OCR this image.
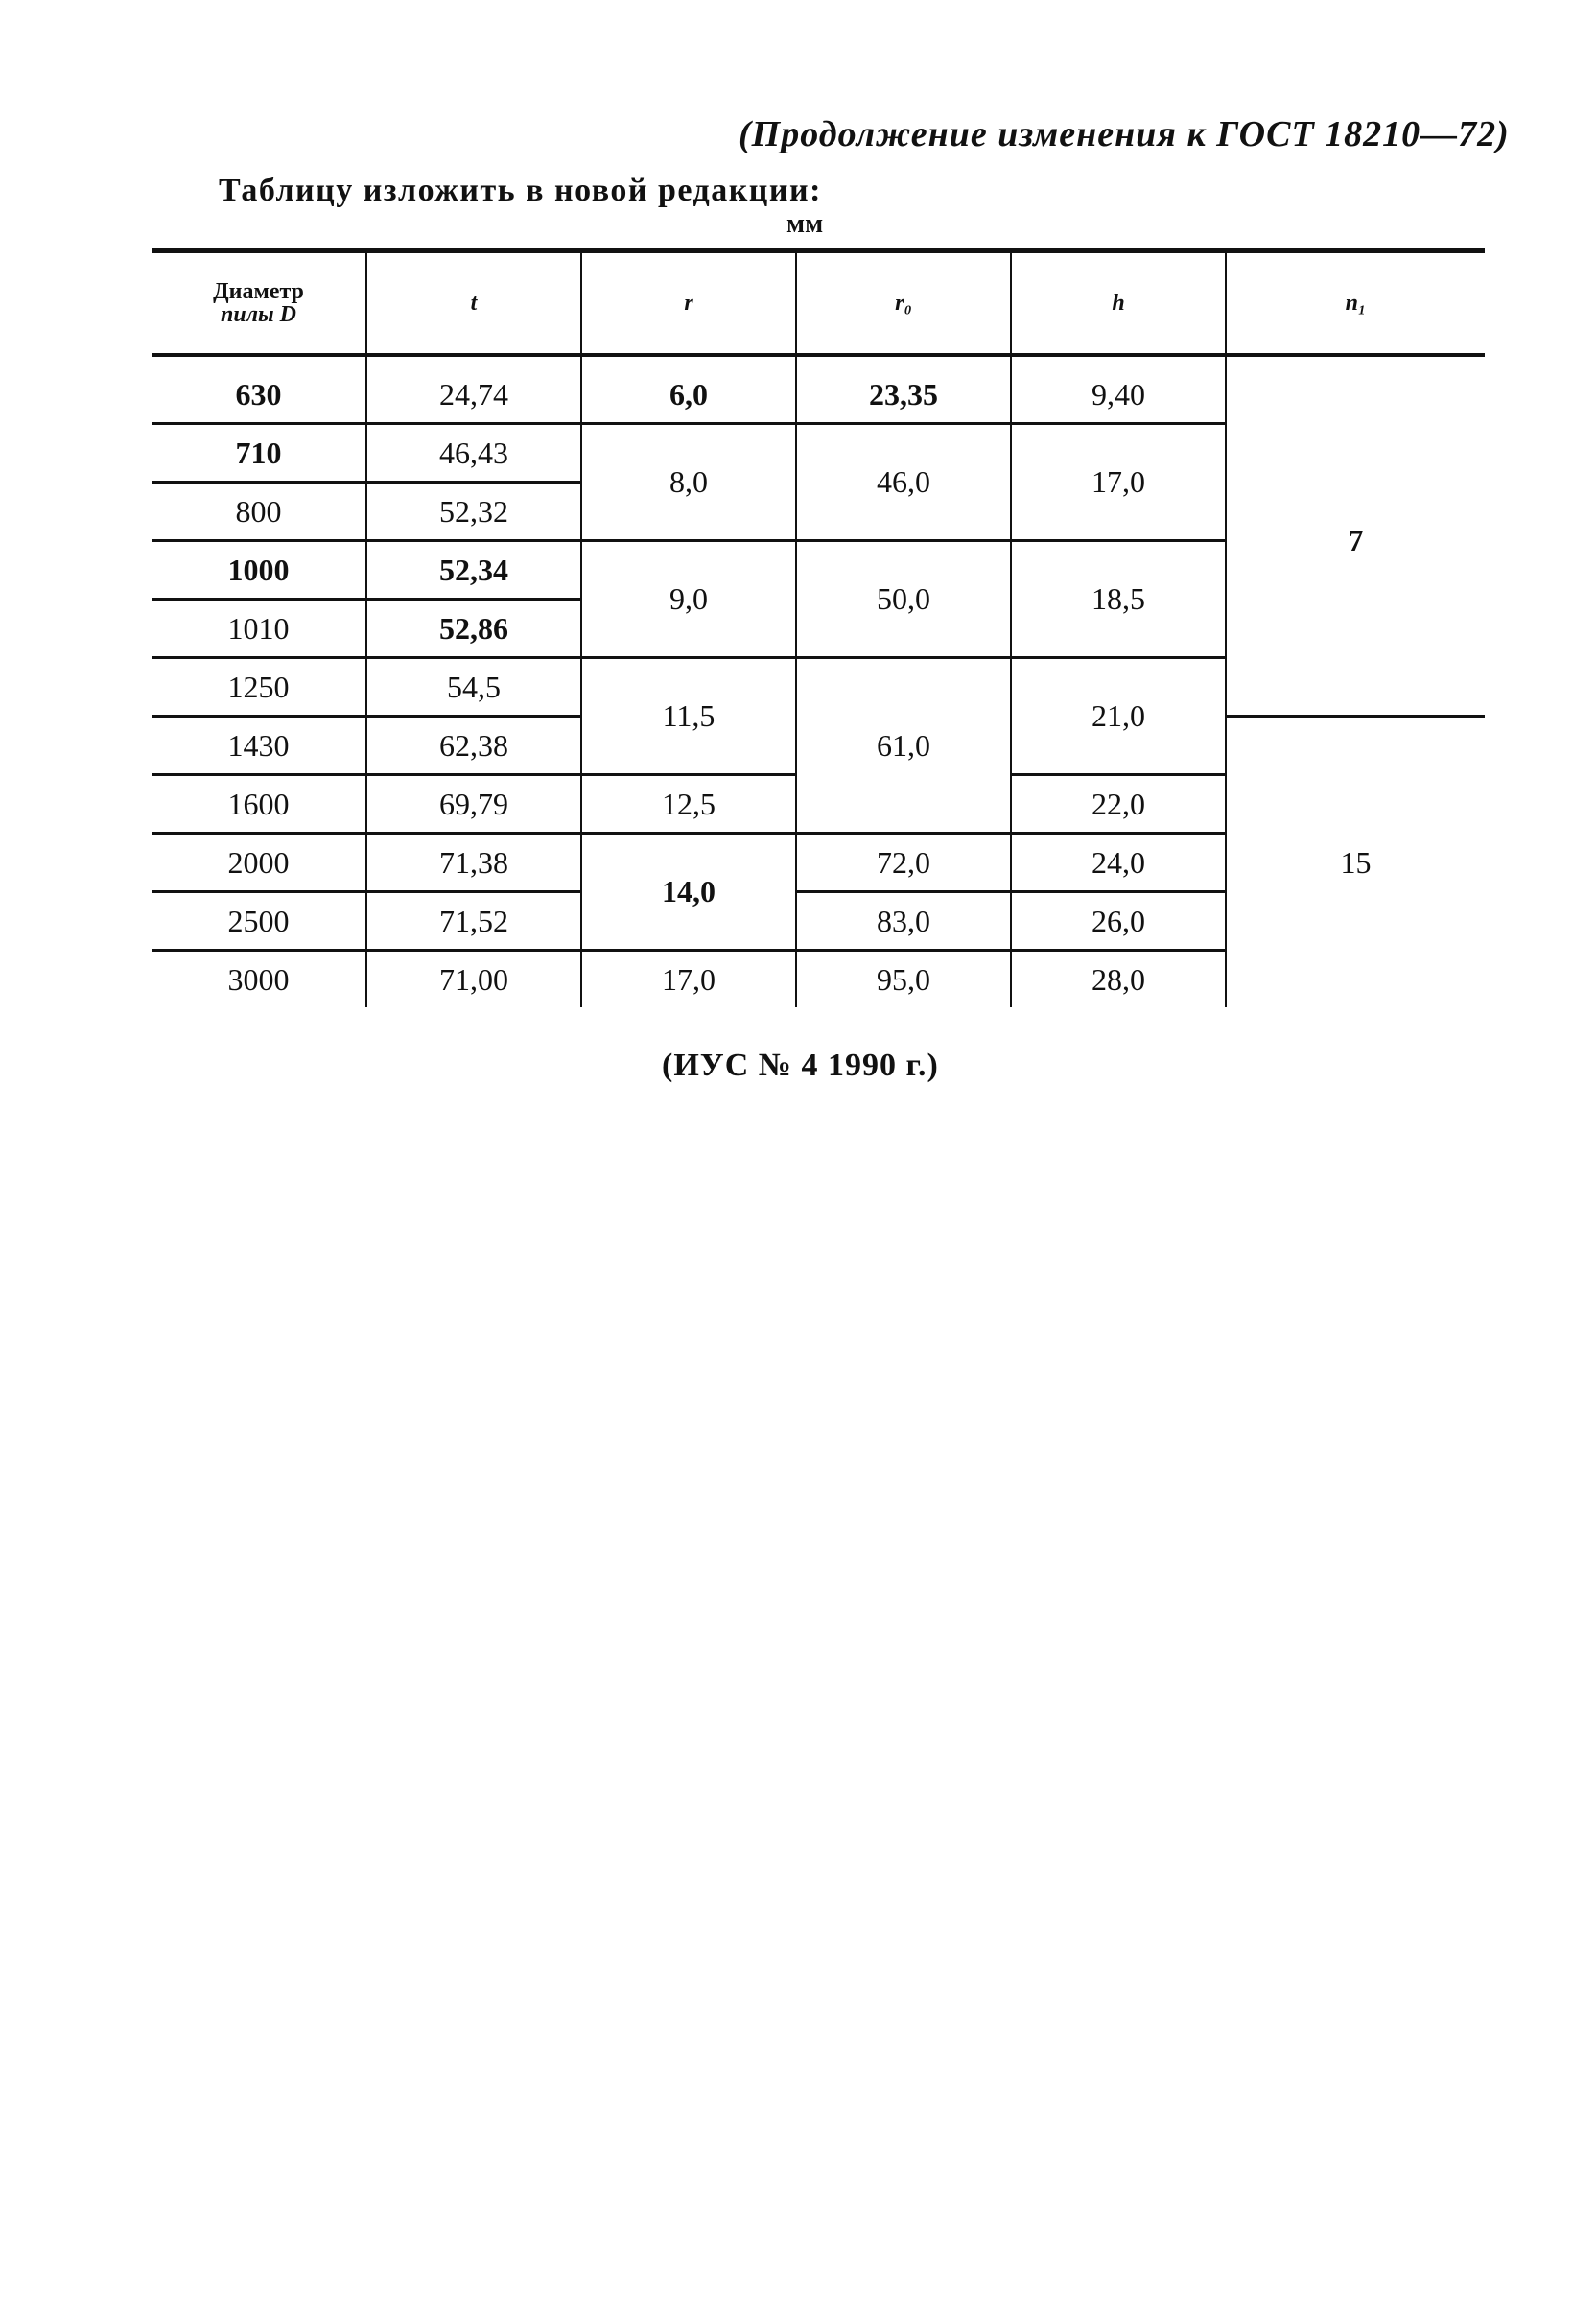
(Продолжение изменения к ГОСТ 18210—72)
Таблицу изложить в новой редакции:
мм
Диаметр
пилы D	t	r	r₀	h	n₁

630	24,74	6,0	23,35	9,40	7
710	46,43	8,0	46,0	17,0	
800	52,32				
1000	52,34	9,0	50,0	18,5	
1010	52,86				
1250	54,5	11,5	61,0	21,0	
1430	62,38				15
1600	69,79	12,5		22,0	
2000	71,38	14,0	72,0	24,0	
2500	71,52		83,0	26,0	
3000	71,00	17,0	95,0	28,0	
(ИУС № 4 1990 г.)
